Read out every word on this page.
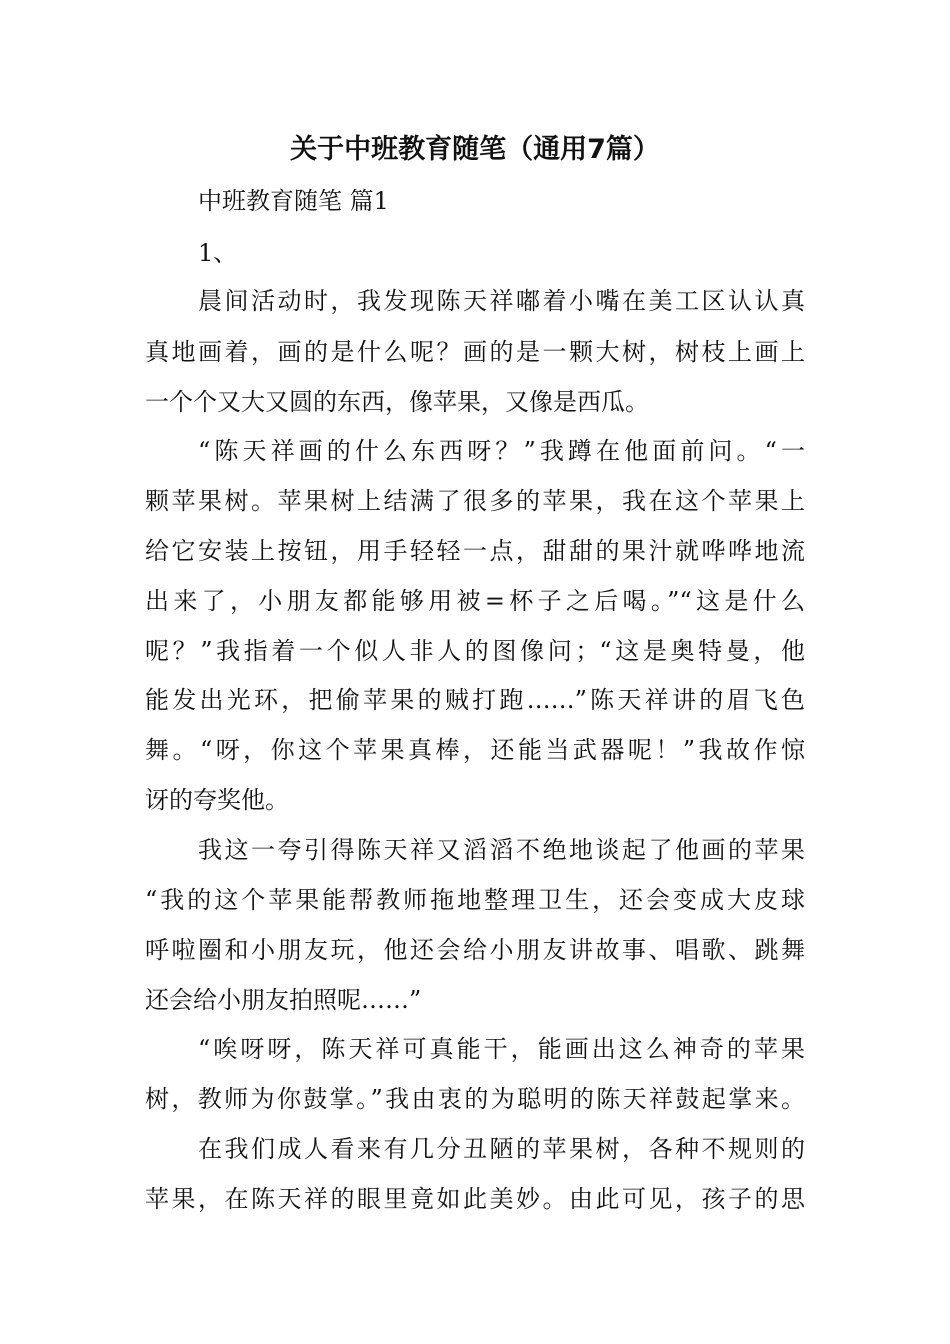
关于中班教育随笔（通用7篇）
中班教育随笔 篇1
1、
晨间活动时，我发现陈天祥嘟着小嘴在美工区认认真
真地画着，画的是什么呢？画的是一颗大树，树枝上画上
一个个又大又圆的东西，像苹果，又像是西瓜。
“陈天祥画的什么东西呀？”我蹲在他面前问。“一
颗苹果树。苹果树上结满了很多的苹果，我在这个苹果上
给它安装上按钮，用手轻轻一点，甜甜的果汁就哗哗地流
出来了，小朋友都能够用被=杯子之后喝。”“这是什么
呢？”我指着一个似人非人的图像问；“这是奥特曼，他
能发出光环，把偷苹果的贼打跑……”陈天祥讲的眉飞色
舞。“呀，你这个苹果真棒，还能当武器呢！”我故作惊
讶的夸奖他。
我这一夸引得陈天祥又滔滔不绝地谈起了他画的苹果
“我的这个苹果能帮教师拖地整理卫生，还会变成大皮球
呼啦圈和小朋友玩，他还会给小朋友讲故事、唱歌、跳舞
还会给小朋友拍照呢……”
“唉呀呀，陈天祥可真能干，能画出这么神奇的苹果
树，教师为你鼓掌。”我由衷的为聪明的陈天祥鼓起掌来。
在我们成人看来有几分丑陋的苹果树，各种不规则的
苹果，在陈天祥的眼里竟如此美妙。由此可见，孩子的思
